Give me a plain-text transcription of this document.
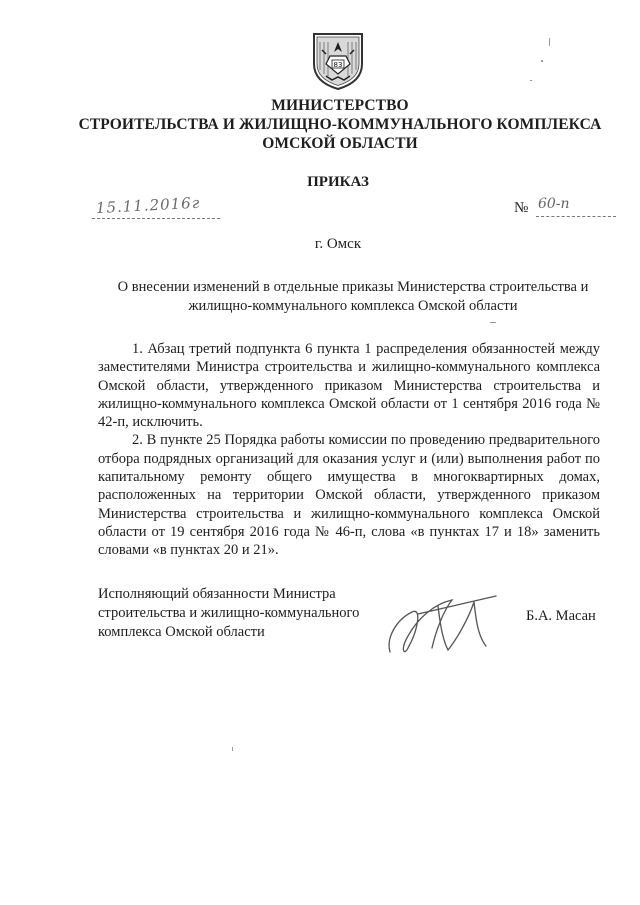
83
МИНИСТЕРСТВО
СТРОИТЕЛЬСТВА И ЖИЛИЩНО-КОММУНАЛЬНОГО КОМПЛЕКСА
ОМСКОЙ ОБЛАСТИ
ПРИКАЗ
15.11.2016г	№ 60-п
г. Омск
О внесении изменений в отдельные приказы Министерства строительства и
жилищно-коммунального комплекса Омской области

1. Абзац третий подпункта 6 пункта 1 распределения обязанностей между заместителями Министра строительства и жилищно-коммунального комплекса Омской области, утвержденного приказом Министерства строительства и жилищно-коммунального комплекса Омской области от 1 сентября 2016 года № 42-п, исключить.

2. В пункте 25 Порядка работы комиссии по проведению предварительного отбора подрядных организаций для оказания услуг и (или) выполнения работ по капитальному ремонту общего имущества в многоквартирных домах, расположенных на территории Омской области, утвержденного приказом Министерства строительства и жилищно-коммунального комплекса Омской области от 19 сентября 2016 года № 46-п, слова «в пунктах 17 и 18» заменить словами «в пунктах 20 и 21».

Исполняющий обязанности Министра
строительства и жилищно-коммунального
комплекса Омской области
Б.А. Масан
